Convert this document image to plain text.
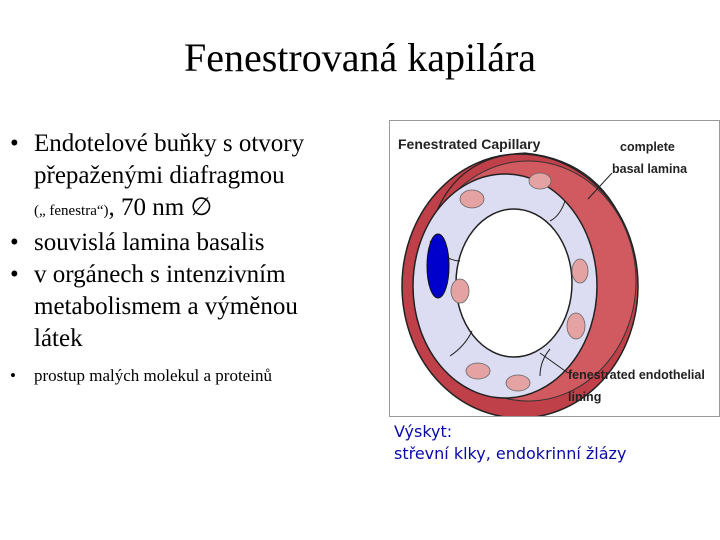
Fenestrovaná kapilára
• Endotelové buňky s otvory
přepaženými diafragmou
(„ fenestra“), 70 nm ∅
• souvislá lamina basalis
• v orgánech s intenzivním
metabolismem a výměnou
látek
• prostup malých molekul a proteinů
Fenestrated Capillary	complete
basal lamina
fenestrated endothelial
lining
Výskyt:
střevní klky, endokrinní žlázy
